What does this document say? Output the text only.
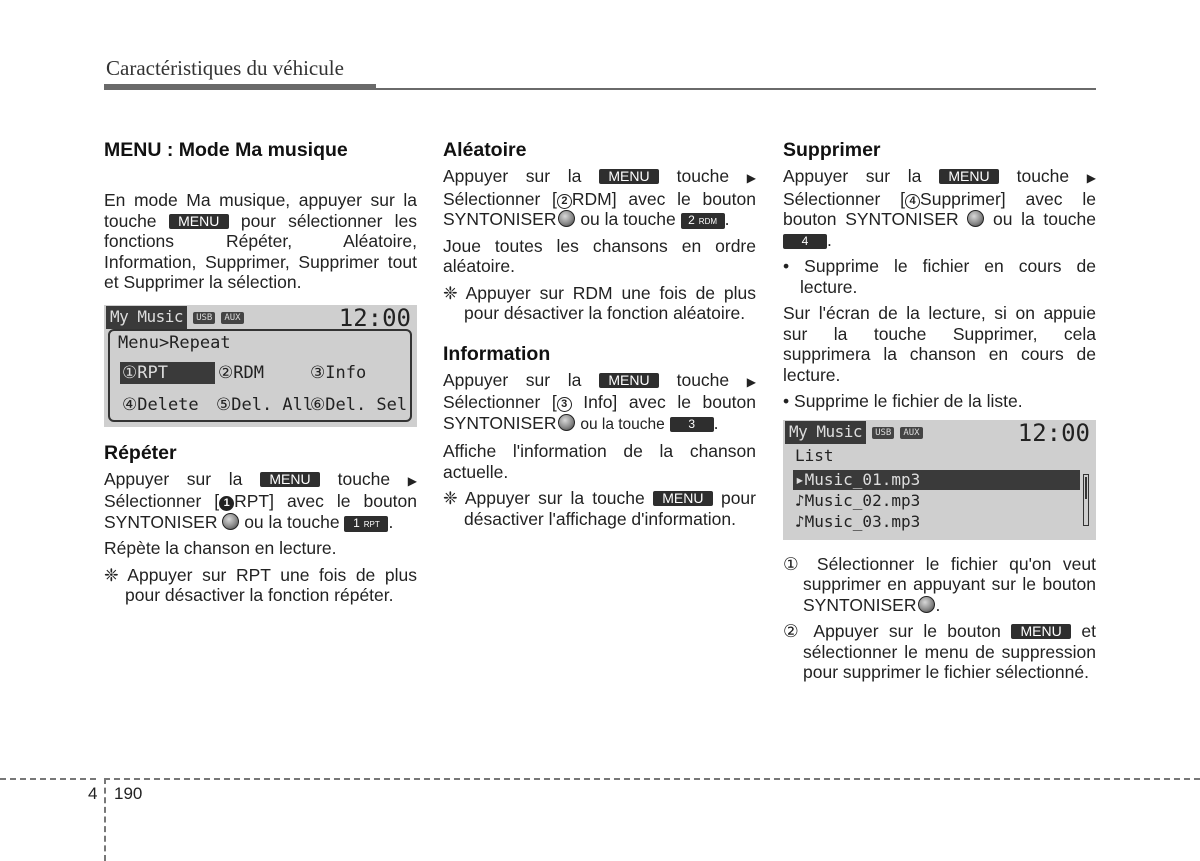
Caractéristiques du véhicule
MENU : Mode Ma musique

En mode Ma musique, appuyer sur la touche MENU pour sélectionner les fonctions Répéter, Aléatoire, Information, Supprimer, Supprimer tout et Supprimer la sélection.

My Music	USB	AUX	12:00
Menu>Repeat
①RPT	②RDM	③Info
④Delete ⑤Del. All
⑥Del. Sel
Répéter

Appuyer sur la MENU touche ▶ Sélectionner [ 1 RPT] avec le bouton SYNTONISER ou la touche 1 RPT .

Répète la chanson en lecture.

❈ Appuyer sur RPT une fois de plus pour désactiver la fonction répéter.

Aléatoire

Appuyer sur la MENU touche ▶ Sélectionner [ 2 RDM] avec le bouton SYNTONISER ou la touche 2 RDM .

Joue toutes les chansons en ordre aléatoire.

❈ Appuyer sur RDM une fois de plus pour désactiver la fonction aléatoire.

Information

Appuyer sur la MENU touche ▶ Sélectionner [ 3 Info] avec le bouton SYNTONISER ou la touche 3 .

Affiche l'information de la chanson actuelle.

❈ Appuyer sur la touche MENU pour désactiver l'affichage d'information.

Supprimer

Appuyer sur la MENU touche ▶ Sélectionner [ 4 Supprimer] avec le bouton SYNTONISER ou la touche 4 .

• Supprime le fichier en cours de lecture.

Sur l'écran de la lecture, si on appuie sur la touche Supprimer, cela supprimera la chanson en cours de lecture.

• Supprime le fichier de la liste.

My Music	USB	AUX	12:00
List
▸Music_01.mp3
♪Music_02.mp3
♪Music_03.mp3

① Sélectionner le fichier qu'on veut supprimer en appuyant sur le bouton SYNTONISER .

② Appuyer sur le bouton MENU et sélectionner le menu de suppression pour supprimer le fichier sélectionné.

4 190
